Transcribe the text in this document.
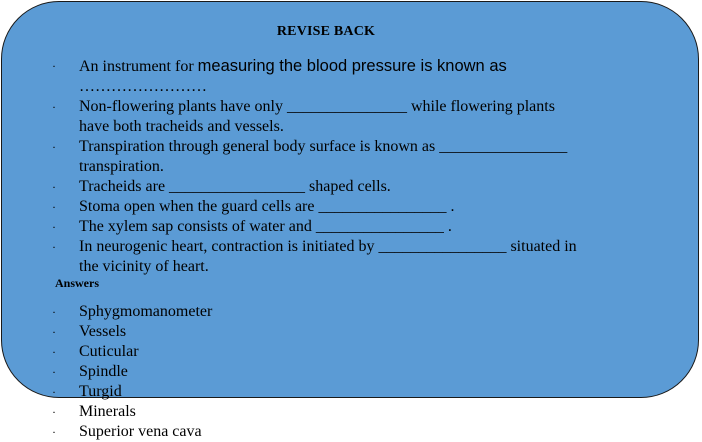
REVISE BACK
· An instrument for measuring the blood pressure is known as
……………………
· Non-flowering plants have only _______________ while flowering plants
have both tracheids and vessels.
· Transpiration through general body surface is known as ________________
transpiration.
· Tracheids are _________________ shaped cells.
· Stoma open when the guard cells are ________________ .
· The xylem sap consists of water and ________________ .
· In neurogenic heart, contraction is initiated by ________________ situated in
the vicinity of heart.
Answers
· Sphygmomanometer
· Vessels
· Cuticular
· Spindle
· Turgid
· Minerals
· Superior vena cava
